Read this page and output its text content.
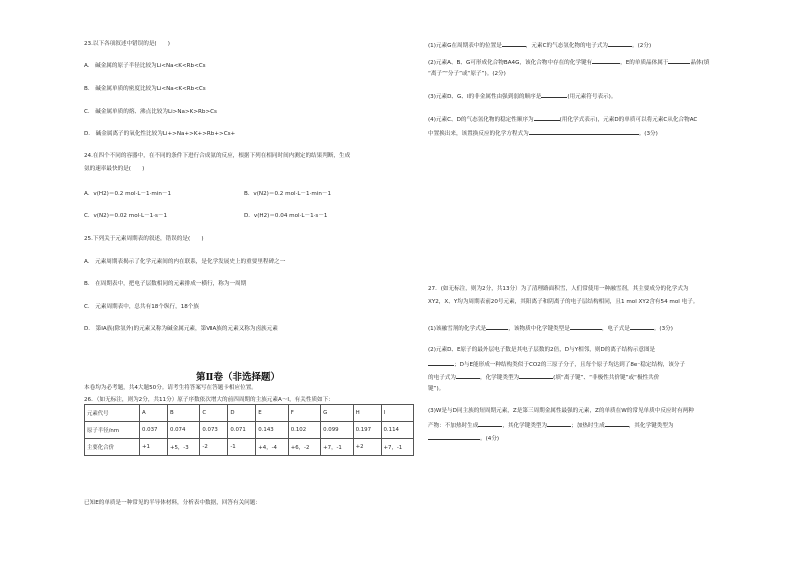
23.以下各项叙述中错误的是(　　)
A.　碱金属的原子半径比较为Li<Na<K<Rb<Cs
B.　碱金属单质的密度比较为Li<Na<K<Rb<Cs
C.　碱金属单质的熔、沸点比较为Li>Na>K>Rb>Cs
D.　碱金属离子的氧化性比较为Li+>Na+>K+>Rb+>Cs+
24.在四个不同的容器中，在不同的条件下进行合成氨的反应，根据下列在相同时间内测定的结果判断，生成
氨的速率最快的是(　　)
A．v(H2)＝0.2 mol·L－1·min－1	B．v(N2)＝0.2 mol·L－1·min－1
C．v(N2)＝0.02 mol·L－1·s－1	D．v(H2)＝0.04 mol·L－1·s－1
25.下列关于元素周期表的叙述，错误的是(　　)
A.　元素周期表揭示了化学元素间的内在联系，是化学发展史上的重要里程碑之一
B.　在周期表中，把电子层数相同的元素排成一横行，称为一周期
C.　元素周期表中，总共有18个纵行，18个族
D.　第ⅠA族(除氢外)的元素又称为碱金属元素，第ⅦA族的元素又称为卤族元素
第Ⅱ卷（非选择题）
本卷均为必考题，共4大题50分。请考生将答案写在答题卡相应位置。
26．（如无标注，则为2分，共11分）原子序数依次增大的前四周期的主族元素A～I，有关性质如下：
元素代号	A	B	C	D	E	F	G	H	I
原子半径/nm	0.037	0.074	0.073	0.071	0.143	0.102	0.099	0.197	0.114
主要化合价	+1	+5，-3	-2	-1	+4，-4	+6，-2	+7，-1	+2	+7，-1
已知E的单质是一种常见的半导体材料，分析表中数据，回答有关问题：
(1)元素G在周期表中的位置是	，元素C的气态氢化物的电子式为	。(2分)
(2)元素A、B、G可形成化合物BA4G，该化合物中存在的化学键有	，E的单质晶体属于	晶体(填
“离子”“分子”或“原子”)。(2分)
(3)元素D、G、I的非金属性由强到弱的顺序是	(用元素符号表示)。
(4)元素C、D的气态氢化物的稳定性顺序为	(用化学式表示)，元素D的单质可以将元素C从化合物AC
中置换出来，该置换反应的化学方程式为	。(3分)
27．(如无标注，则为2分，共13分）为了清理路面积雪，人们常使用一种融雪剂，其主要成分的化学式为
XY2，X、Y均为周期表前20号元素，其阳离子和阴离子的电子层结构相同，且1 mol XY2含有54 mol 电子。
(1)该融雪剂的化学式是	，该物质中化学键类型是	，电子式是	。(3分)
(2)元素D、E原子的最外层电子数是其电子层数的2倍，D与Y相邻，则D的离子结构示意图是
；D与E能形成一种结构类似于CO2的三原子分子，且每个原子均达到了8e⁻稳定结构，该分子
的电子式为	，化学键类型为	(填“离子键”、“非极性共价键”或“极性共价
键”)。
(3)W是与D同主族的短周期元素，Z是第三周期金属性最强的元素，Z的单质在W的常见单质中反应时有两种
产物：不加热时生成	，其化学键类型为	；加热时生成	，其化学键类型为
。(4分)
